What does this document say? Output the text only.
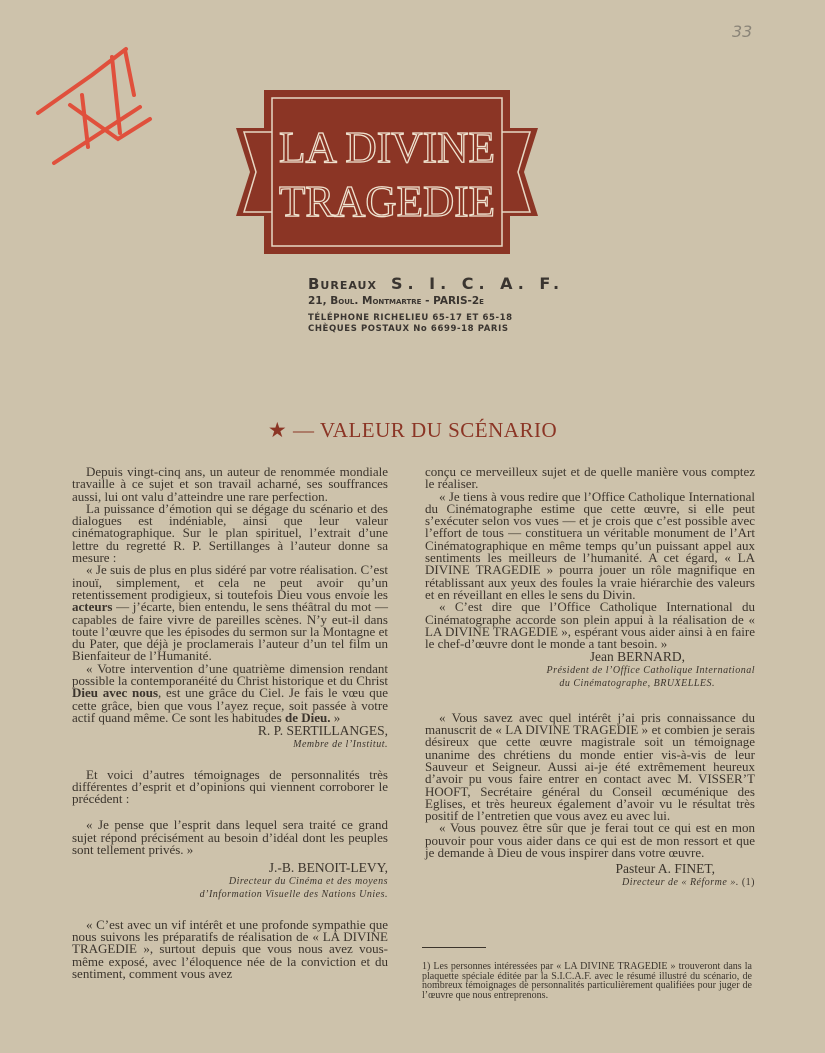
33
LA DIVINE
TRAGEDIE
Bureaux S. I. C. A. F.
21, Boul. Montmartre - PARIS-2e
TÉLÉPHONE RICHELIEU 65-17 ET 65-18
CHÈQUES POSTAUX No 6699-18 PARIS
★ — VALEUR DU SCÉNARIO

Depuis vingt-cinq ans, un auteur de renommée mondiale travaille à ce sujet et son travail acharné, ses souffrances aussi, lui ont valu d’atteindre une rare perfection.

La puissance d’émotion qui se dégage du scénario et des dialogues est indéniable, ainsi que leur valeur cinématographique. Sur le plan spirituel, l’extrait d’une lettre du regretté R. P. Sertillanges à l’auteur donne sa mesure :

« Je suis de plus en plus sidéré par votre réalisation. C’est inouï, simplement, et cela ne peut avoir qu’un retentissement prodigieux, si toutefois Dieu vous envoie les acteurs — j’écarte, bien entendu, le sens théâtral du mot — capables de faire vivre de pareilles scènes. N’y eut-il dans toute l’œuvre que les épisodes du sermon sur la Montagne et du Pater, que déjà je proclamerais l’auteur d’un tel film un Bienfaiteur de l’Humanité.

« Votre intervention d’une quatrième dimension rendant possible la contemporanéité du Christ historique et du Christ Dieu avec nous, est une grâce du Ciel. Je fais le vœu que cette grâce, bien que vous l’ayez reçue, soit passée à votre actif quand même. Ce sont les habitudes de Dieu. »

R. P. SERTILLANGES,
Membre de l’Institut.

Et voici d’autres témoignages de personnalités très différentes d’esprit et d’opinions qui viennent corroborer le précédent :

« Je pense que l’esprit dans lequel sera traité ce grand sujet répond précisément au besoin d’idéal dont les peuples sont tellement privés. »

J.-B. BENOIT-LEVY,
Directeur du Cinéma et des moyens
d’Information Visuelle des Nations Unies.

« C’est avec un vif intérêt et une profonde sympathie que nous suivons les préparatifs de réalisation de « LA DIVINE TRAGEDIE », surtout depuis que vous nous avez vous-même exposé, avec l’éloquence née de la conviction et du sentiment, comment vous avez

conçu ce merveilleux sujet et de quelle manière vous comptez le réaliser.

« Je tiens à vous redire que l’Office Catholique International du Cinématographe estime que cette œuvre, si elle peut s’exécuter selon vos vues — et je crois que c’est possible avec l’effort de tous — constituera un véritable monument de l’Art Cinématographique en même temps qu’un puissant appel aux sentiments les meilleurs de l’humanité. A cet égard, « LA DIVINE TRAGEDIE » pourra jouer un rôle magnifique en rétablissant aux yeux des foules la vraie hiérarchie des valeurs et en réveillant en elles le sens du Divin.

« C’est dire que l’Office Catholique International du Cinématographe accorde son plein appui à la réalisation de « LA DIVINE TRAGEDIE », espérant vous aider ainsi à en faire le chef-d’œuvre dont le monde a tant besoin. »

Jean BERNARD,
Président de l’Office Catholique International
du Cinématographe, BRUXELLES.

« Vous savez avec quel intérêt j’ai pris connaissance du manuscrit de « LA DIVINE TRAGEDIE » et combien je serais désireux que cette œuvre magistrale soit un témoignage unanime des chrétiens du monde entier vis-à-vis de leur Sauveur et Seigneur. Aussi ai-je été extrêmement heureux d’avoir pu vous faire entrer en contact avec M. VISSER’T HOOFT, Secrétaire général du Conseil œcuménique des Eglises, et très heureux également d’avoir vu le résultat très positif de l’entretien que vous avez eu avec lui.

« Vous pouvez être sûr que je ferai tout ce qui est en mon pouvoir pour vous aider dans ce qui est de mon ressort et que je demande à Dieu de vous inspirer dans votre œuvre.

Pasteur A. FINET,
Directeur de « Réforme ». (1)
1) Les personnes intéressées par « LA DIVINE TRAGEDIE » trouveront dans la plaquette spéciale éditée par la S.I.C.A.F. avec le résumé illustré du scénario, de nombreux témoignages de personnalités particulièrement qualifiées pour juger de l’œuvre que nous entreprenons.
